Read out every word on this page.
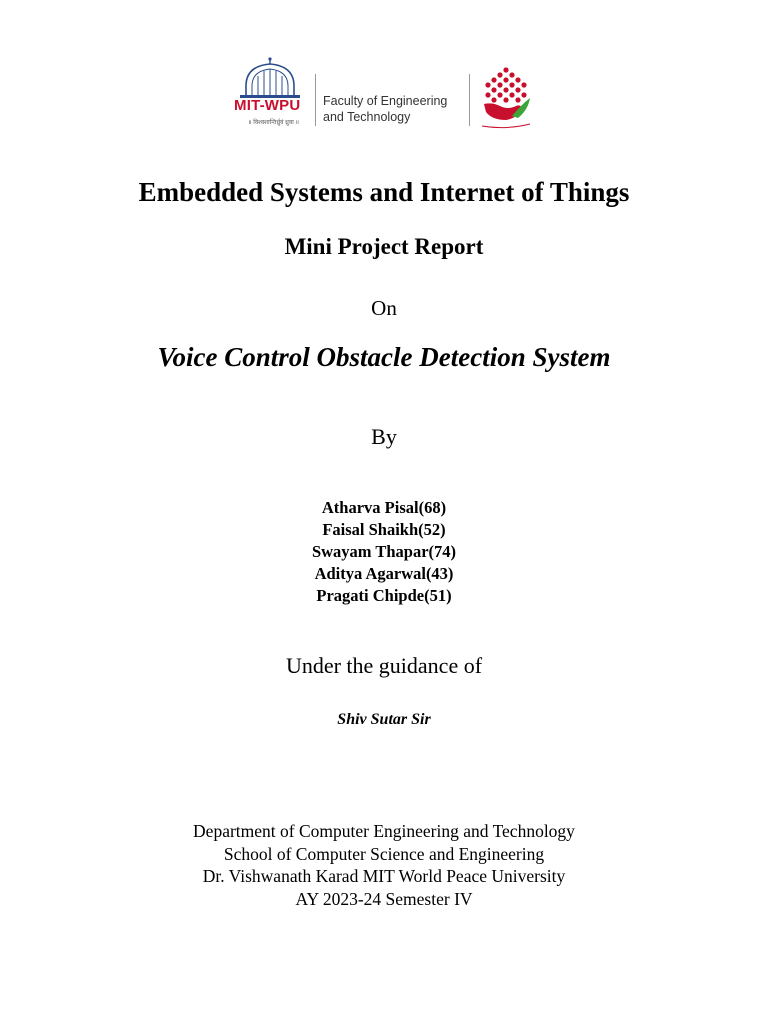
MIT-WPU
॥ विश्वशान्तिर्ध्रुवं ध्रुवा ॥
Faculty of Engineering
and Technology
Embedded Systems and Internet of Things
Mini Project Report
On
Voice Control Obstacle Detection System
By
Atharva Pisal(68)
Faisal Shaikh(52)
Swayam Thapar(74)
Aditya Agarwal(43)
Pragati Chipde(51)
Under the guidance of
Shiv Sutar Sir
Department of Computer Engineering and Technology
School of Computer Science and Engineering
Dr. Vishwanath Karad MIT World Peace University
AY 2023-24 Semester IV
